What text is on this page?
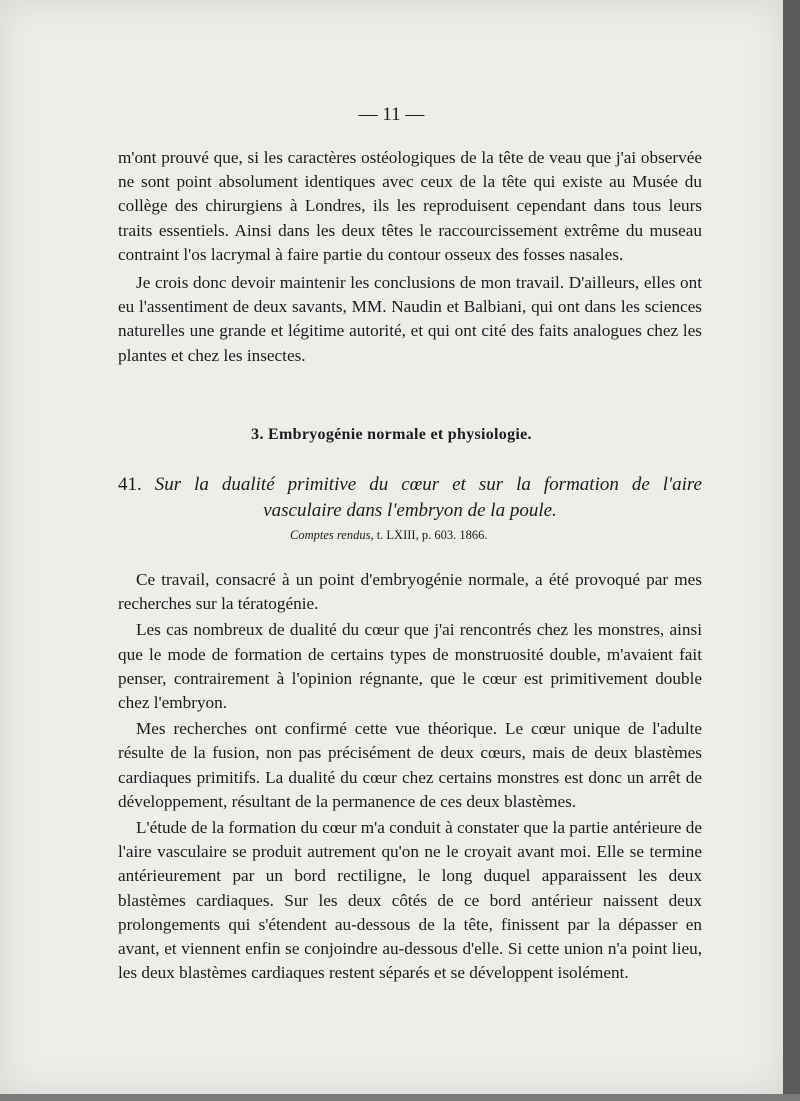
— 11 —

m'ont prouvé que, si les caractères ostéologiques de la tête de veau que j'ai observée ne sont point absolument identiques avec ceux de la tête qui existe au Musée du collège des chirurgiens à Londres, ils les reproduisent cependant dans tous leurs traits essentiels. Ainsi dans les deux têtes le raccourcissement extrême du museau contraint l'os lacrymal à faire partie du contour osseux des fosses nasales.

Je crois donc devoir maintenir les conclusions de mon travail. D'ailleurs, elles ont eu l'assentiment de deux savants, MM. Naudin et Balbiani, qui ont dans les sciences naturelles une grande et légitime autorité, et qui ont cité des faits analogues chez les plantes et chez les insectes.

3. Embryogénie normale et physiologie.
41. Sur la dualité primitive du cœur et sur la formation de l'aire
vasculaire dans l'embryon de la poule.
Comptes rendus, t. LXIII, p. 603. 1866.

Ce travail, consacré à un point d'embryogénie normale, a été provoqué par mes recherches sur la tératogénie.

Les cas nombreux de dualité du cœur que j'ai rencontrés chez les monstres, ainsi que le mode de formation de certains types de monstruosité double, m'avaient fait penser, contrairement à l'opinion régnante, que le cœur est primitivement double chez l'embryon.

Mes recherches ont confirmé cette vue théorique. Le cœur unique de l'adulte résulte de la fusion, non pas précisément de deux cœurs, mais de deux blastèmes cardiaques primitifs. La dualité du cœur chez certains monstres est donc un arrêt de développement, résultant de la permanence de ces deux blastèmes.

L'étude de la formation du cœur m'a conduit à constater que la partie antérieure de l'aire vasculaire se produit autrement qu'on ne le croyait avant moi. Elle se termine antérieurement par un bord rectiligne, le long duquel apparaissent les deux blastèmes cardiaques. Sur les deux côtés de ce bord antérieur naissent deux prolongements qui s'étendent au-dessous de la tête, finissent par la dépasser en avant, et viennent enfin se conjoindre au-dessous d'elle. Si cette union n'a point lieu, les deux blastèmes cardiaques restent séparés et se développent isolément.
